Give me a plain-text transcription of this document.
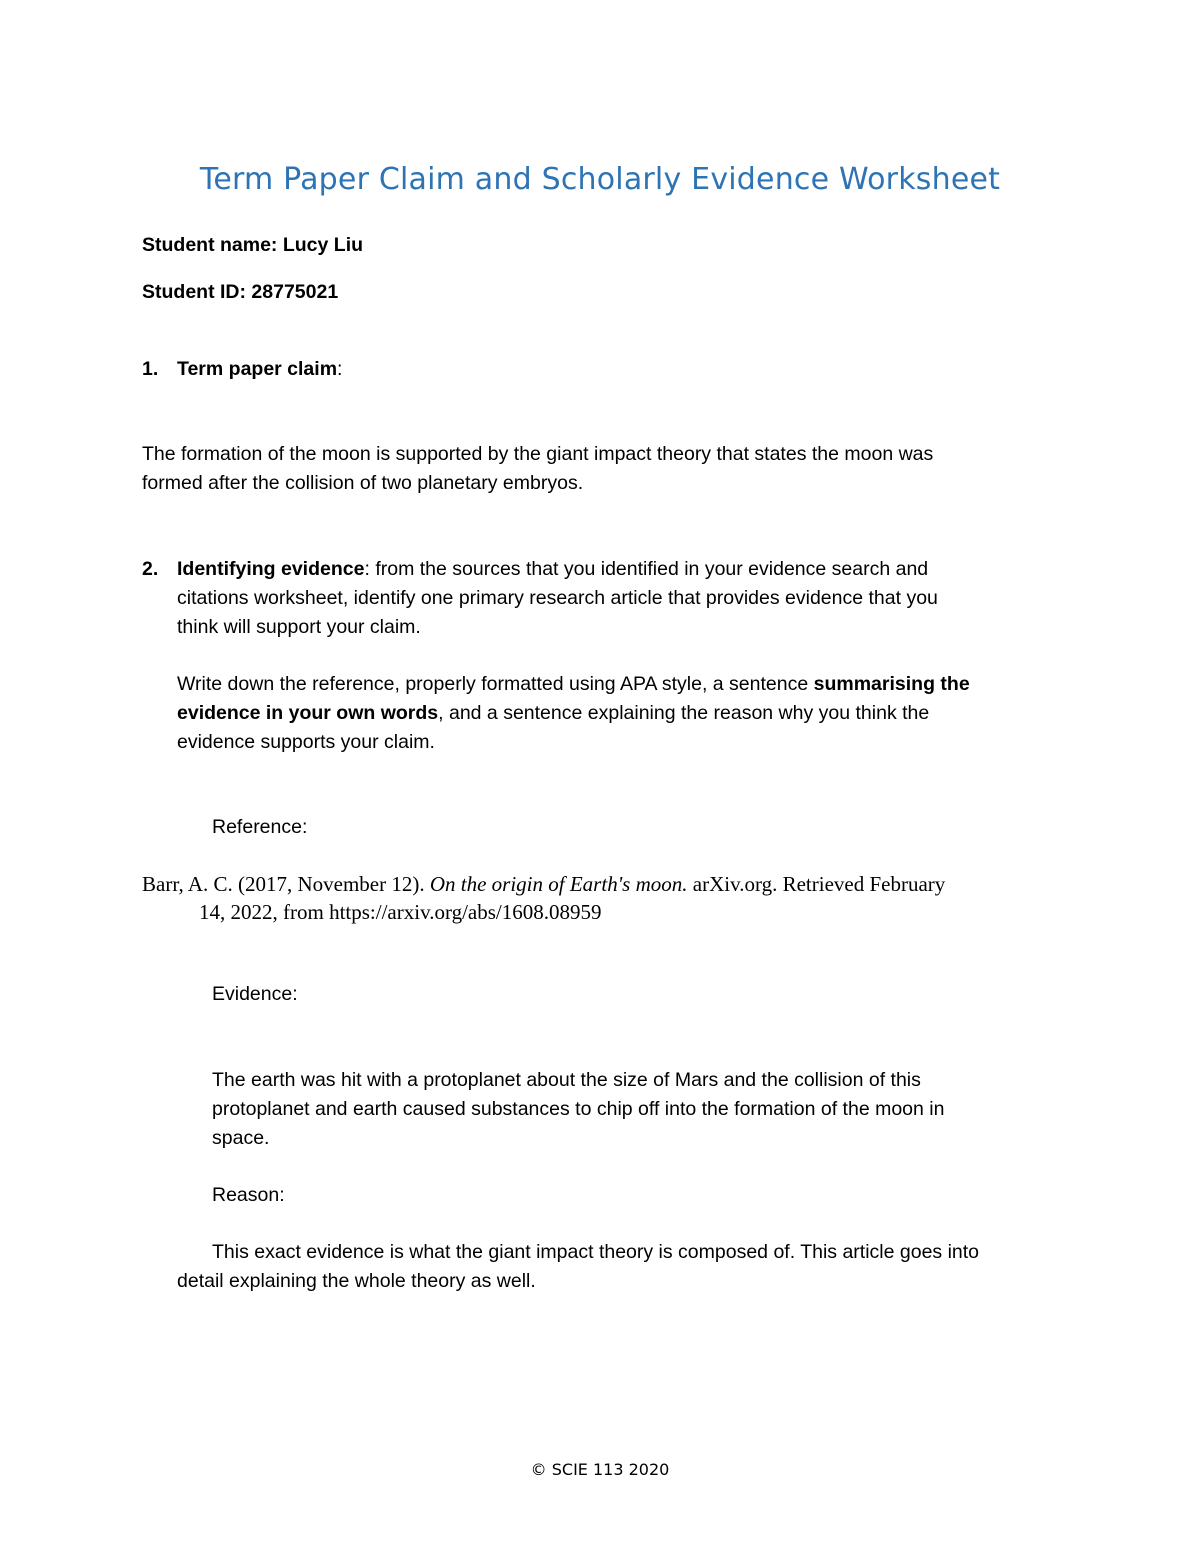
Term Paper Claim and Scholarly Evidence Worksheet
Student name: Lucy Liu
Student ID: 28775021
1. Term paper claim:
The formation of the moon is supported by the giant impact theory that states the moon was
formed after the collision of two planetary embryos.
2. Identifying evidence: from the sources that you identified in your evidence search and
citations worksheet, identify one primary research article that provides evidence that you
think will support your claim.
Write down the reference, properly formatted using APA style, a sentence summarising the
evidence in your own words, and a sentence explaining the reason why you think the
evidence supports your claim.
Reference:
Barr, A. C. (2017, November 12). On the origin of Earth's moon. arXiv.org. Retrieved February
14, 2022, from https://arxiv.org/abs/1608.08959
Evidence:
The earth was hit with a protoplanet about the size of Mars and the collision of this
protoplanet and earth caused substances to chip off into the formation of the moon in
space.
Reason:
This exact evidence is what the giant impact theory is composed of. This article goes into
detail explaining the whole theory as well.
© SCIE 113 2020
